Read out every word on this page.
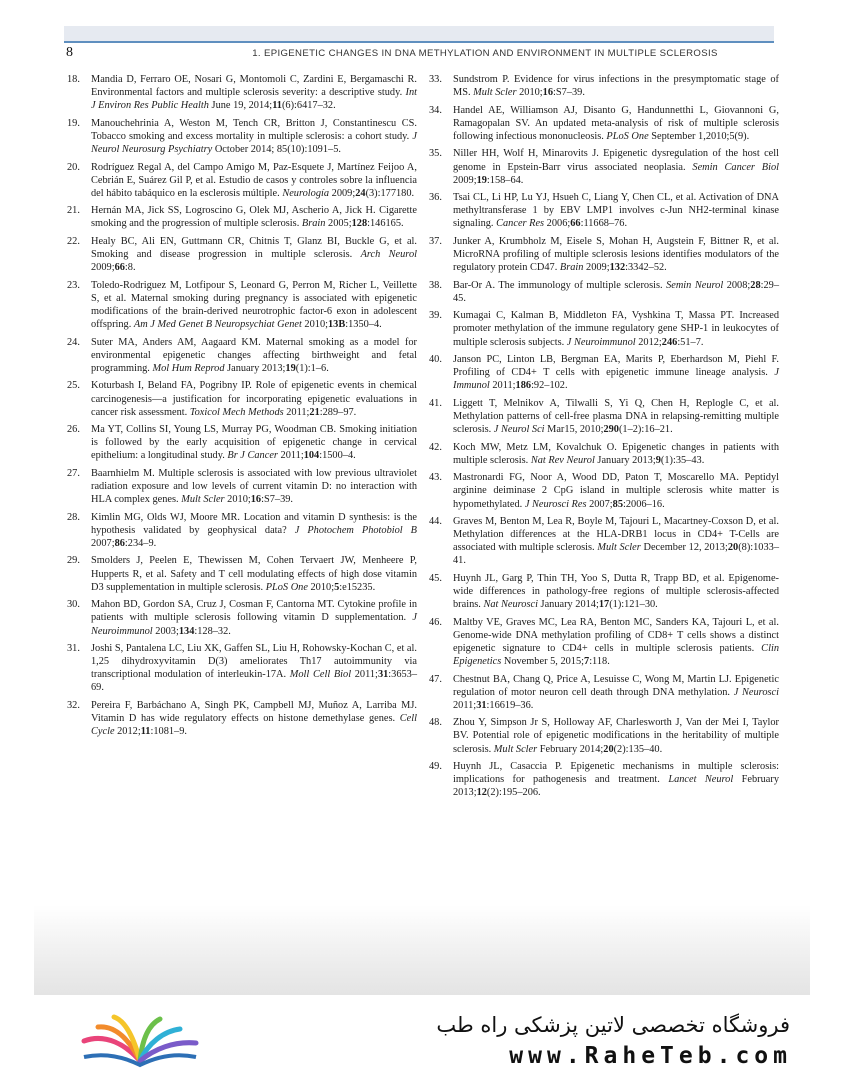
8	1. EPIGENETIC CHANGES IN DNA METHYLATION AND ENVIRONMENT IN MULTIPLE SCLEROSIS
18.	Mandia D, Ferraro OE, Nosari G, Montomoli C, Zardini E, Bergamaschi R. Environmental factors and multiple sclerosis severity: a descriptive study. Int J Environ Res Public Health June 19, 2014;11(6):6417–32.
19.	Manouchehrinia A, Weston M, Tench CR, Britton J, Constantinescu CS. Tobacco smoking and excess mortality in multiple sclerosis: a cohort study. J Neurol Neurosurg Psychiatry October 2014; 85(10):1091–5.
20.	Rodríguez Regal A, del Campo Amigo M, Paz-Esquete J, Martínez Feijoo A, Cebrián E, Suárez Gil P, et al. Estudio de casos y controles sobre la influencia del hábito tabáquico en la esclerosis múltiple. Neurología 2009;24(3):177180.
21.	Hernán MA, Jick SS, Logroscino G, Olek MJ, Ascherio A, Jick H. Cigarette smoking and the progression of multiple sclerosis. Brain 2005;128:146165.
22.	Healy BC, Ali EN, Guttmann CR, Chitnis T, Glanz BI, Buckle G, et al. Smoking and disease progression in multiple sclerosis. Arch Neurol 2009;66:8.
23.	Toledo-Rodriguez M, Lotfipour S, Leonard G, Perron M, Richer L, Veillette S, et al. Maternal smoking during pregnancy is associated with epigenetic modifications of the brain-derived neurotrophic factor-6 exon in adolescent offspring. Am J Med Genet B Neuropsychiat Genet 2010;13B:1350–4.
24.	Suter MA, Anders AM, Aagaard KM. Maternal smoking as a model for environmental epigenetic changes affecting birthweight and fetal programming. Mol Hum Reprod January 2013;19(1):1–6.
25.	Koturbash I, Beland FA, Pogribny IP. Role of epigenetic events in chemical carcinogenesis—a justification for incorporating epigenetic evaluations in cancer risk assessment. Toxicol Mech Methods 2011;21:289–97.
26.	Ma YT, Collins SI, Young LS, Murray PG, Woodman CB. Smoking initiation is followed by the early acquisition of epigenetic change in cervical epithelium: a longitudinal study. Br J Cancer 2011;104:1500–4.
27.	Baarnhielm M. Multiple sclerosis is associated with low previous ultraviolet radiation exposure and low levels of current vitamin D: no interaction with HLA complex genes. Mult Scler 2010;16:S7–39.
28.	Kimlin MG, Olds WJ, Moore MR. Location and vitamin D synthesis: is the hypothesis validated by geophysical data? J Photochem Photobiol B 2007;86:234–9.
29.	Smolders J, Peelen E, Thewissen M, Cohen Tervaert JW, Menheere P, Hupperts R, et al. Safety and T cell modulating effects of high dose vitamin D3 supplementation in multiple sclerosis. PLoS One 2010;5:e15235.
30.	Mahon BD, Gordon SA, Cruz J, Cosman F, Cantorna MT. Cytokine profile in patients with multiple sclerosis following vitamin D supplementation. J Neuroimmunol 2003;134:128–32.
31.	Joshi S, Pantalena LC, Liu XK, Gaffen SL, Liu H, Rohowsky-Kochan C, et al. 1,25 dihydroxyvitamin D(3) ameliorates Th17 autoimmunity via transcriptional modulation of interleukin-17A. Moll Cell Biol 2011;31:3653–69.
32.	Pereira F, Barbáchano A, Singh PK, Campbell MJ, Muñoz A, Larriba MJ. Vitamin D has wide regulatory effects on histone demethylase genes. Cell Cycle 2012;11:1081–9.
33.	Sundstrom P. Evidence for virus infections in the presymptomatic stage of MS. Mult Scler 2010;16:S7–39.
34.	Handel AE, Williamson AJ, Disanto G, Handunnetthi L, Giovannoni G, Ramagopalan SV. An updated meta-analysis of risk of multiple sclerosis following infectious mononucleosis. PLoS One September 1,2010;5(9).
35.	Niller HH, Wolf H, Minarovits J. Epigenetic dysregulation of the host cell genome in Epstein-Barr virus associated neoplasia. Semin Cancer Biol 2009;19:158–64.
36.	Tsai CL, Li HP, Lu YJ, Hsueh C, Liang Y, Chen CL, et al. Activation of DNA methyltransferase 1 by EBV LMP1 involves c-Jun NH2-terminal kinase signaling. Cancer Res 2006;66:11668–76.
37.	Junker A, Krumbholz M, Eisele S, Mohan H, Augstein F, Bittner R, et al. MicroRNA profiling of multiple sclerosis lesions identifies modulators of the regulatory protein CD47. Brain 2009;132:3342–52.
38.	Bar-Or A. The immunology of multiple sclerosis. Semin Neurol 2008;28:29–45.
39.	Kumagai C, Kalman B, Middleton FA, Vyshkina T, Massa PT. Increased promoter methylation of the immune regulatory gene SHP-1 in leukocytes of multiple sclerosis subjects. J Neuroimmunol 2012;246:51–7.
40.	Janson PC, Linton LB, Bergman EA, Marits P, Eberhardson M, Piehl F. Profiling of CD4+ T cells with epigenetic immune lineage analysis. J Immunol 2011;186:92–102.
41.	Liggett T, Melnikov A, Tilwalli S, Yi Q, Chen H, Replogle C, et al. Methylation patterns of cell-free plasma DNA in relapsing-remitting multiple sclerosis. J Neurol Sci Mar15, 2010;290(1–2):16–21.
42.	Koch MW, Metz LM, Kovalchuk O. Epigenetic changes in patients with multiple sclerosis. Nat Rev Neurol January 2013;9(1):35–43.
43.	Mastronardi FG, Noor A, Wood DD, Paton T, Moscarello MA. Peptidyl arginine deiminase 2 CpG island in multiple sclerosis white matter is hypomethylated. J Neurosci Res 2007;85:2006–16.
44.	Graves M, Benton M, Lea R, Boyle M, Tajouri L, Macartney-Coxson D, et al. Methylation differences at the HLA-DRB1 locus in CD4+ T-Cells are associated with multiple sclerosis. Mult Scler December 12, 2013;20(8):1033–41.
45.	Huynh JL, Garg P, Thin TH, Yoo S, Dutta R, Trapp BD, et al. Epigenome-wide differences in pathology-free regions of multiple sclerosis-affected brains. Nat Neurosci January 2014;17(1):121–30.
46.	Maltby VE, Graves MC, Lea RA, Benton MC, Sanders KA, Tajouri L, et al. Genome-wide DNA methylation profiling of CD8+ T cells shows a distinct epigenetic signature to CD4+ cells in multiple sclerosis patients. Clin Epigenetics November 5, 2015;7:118.
47.	Chestnut BA, Chang Q, Price A, Lesuisse C, Wong M, Martin LJ. Epigenetic regulation of motor neuron cell death through DNA methylation. J Neurosci 2011;31:16619–36.
48.	Zhou Y, Simpson Jr S, Holloway AF, Charlesworth J, Van der Mei I, Taylor BV. Potential role of epigenetic modifications in the heritability of multiple sclerosis. Mult Scler February 2014;20(2):135–40.
49.	Huynh JL, Casaccia P. Epigenetic mechanisms in multiple sclerosis: implications for pathogenesis and treatment. Lancet Neurol February 2013;12(2):195–206.
فروشگاه تخصصی لاتین پزشکی راه طب
www.RaheTeb.com
